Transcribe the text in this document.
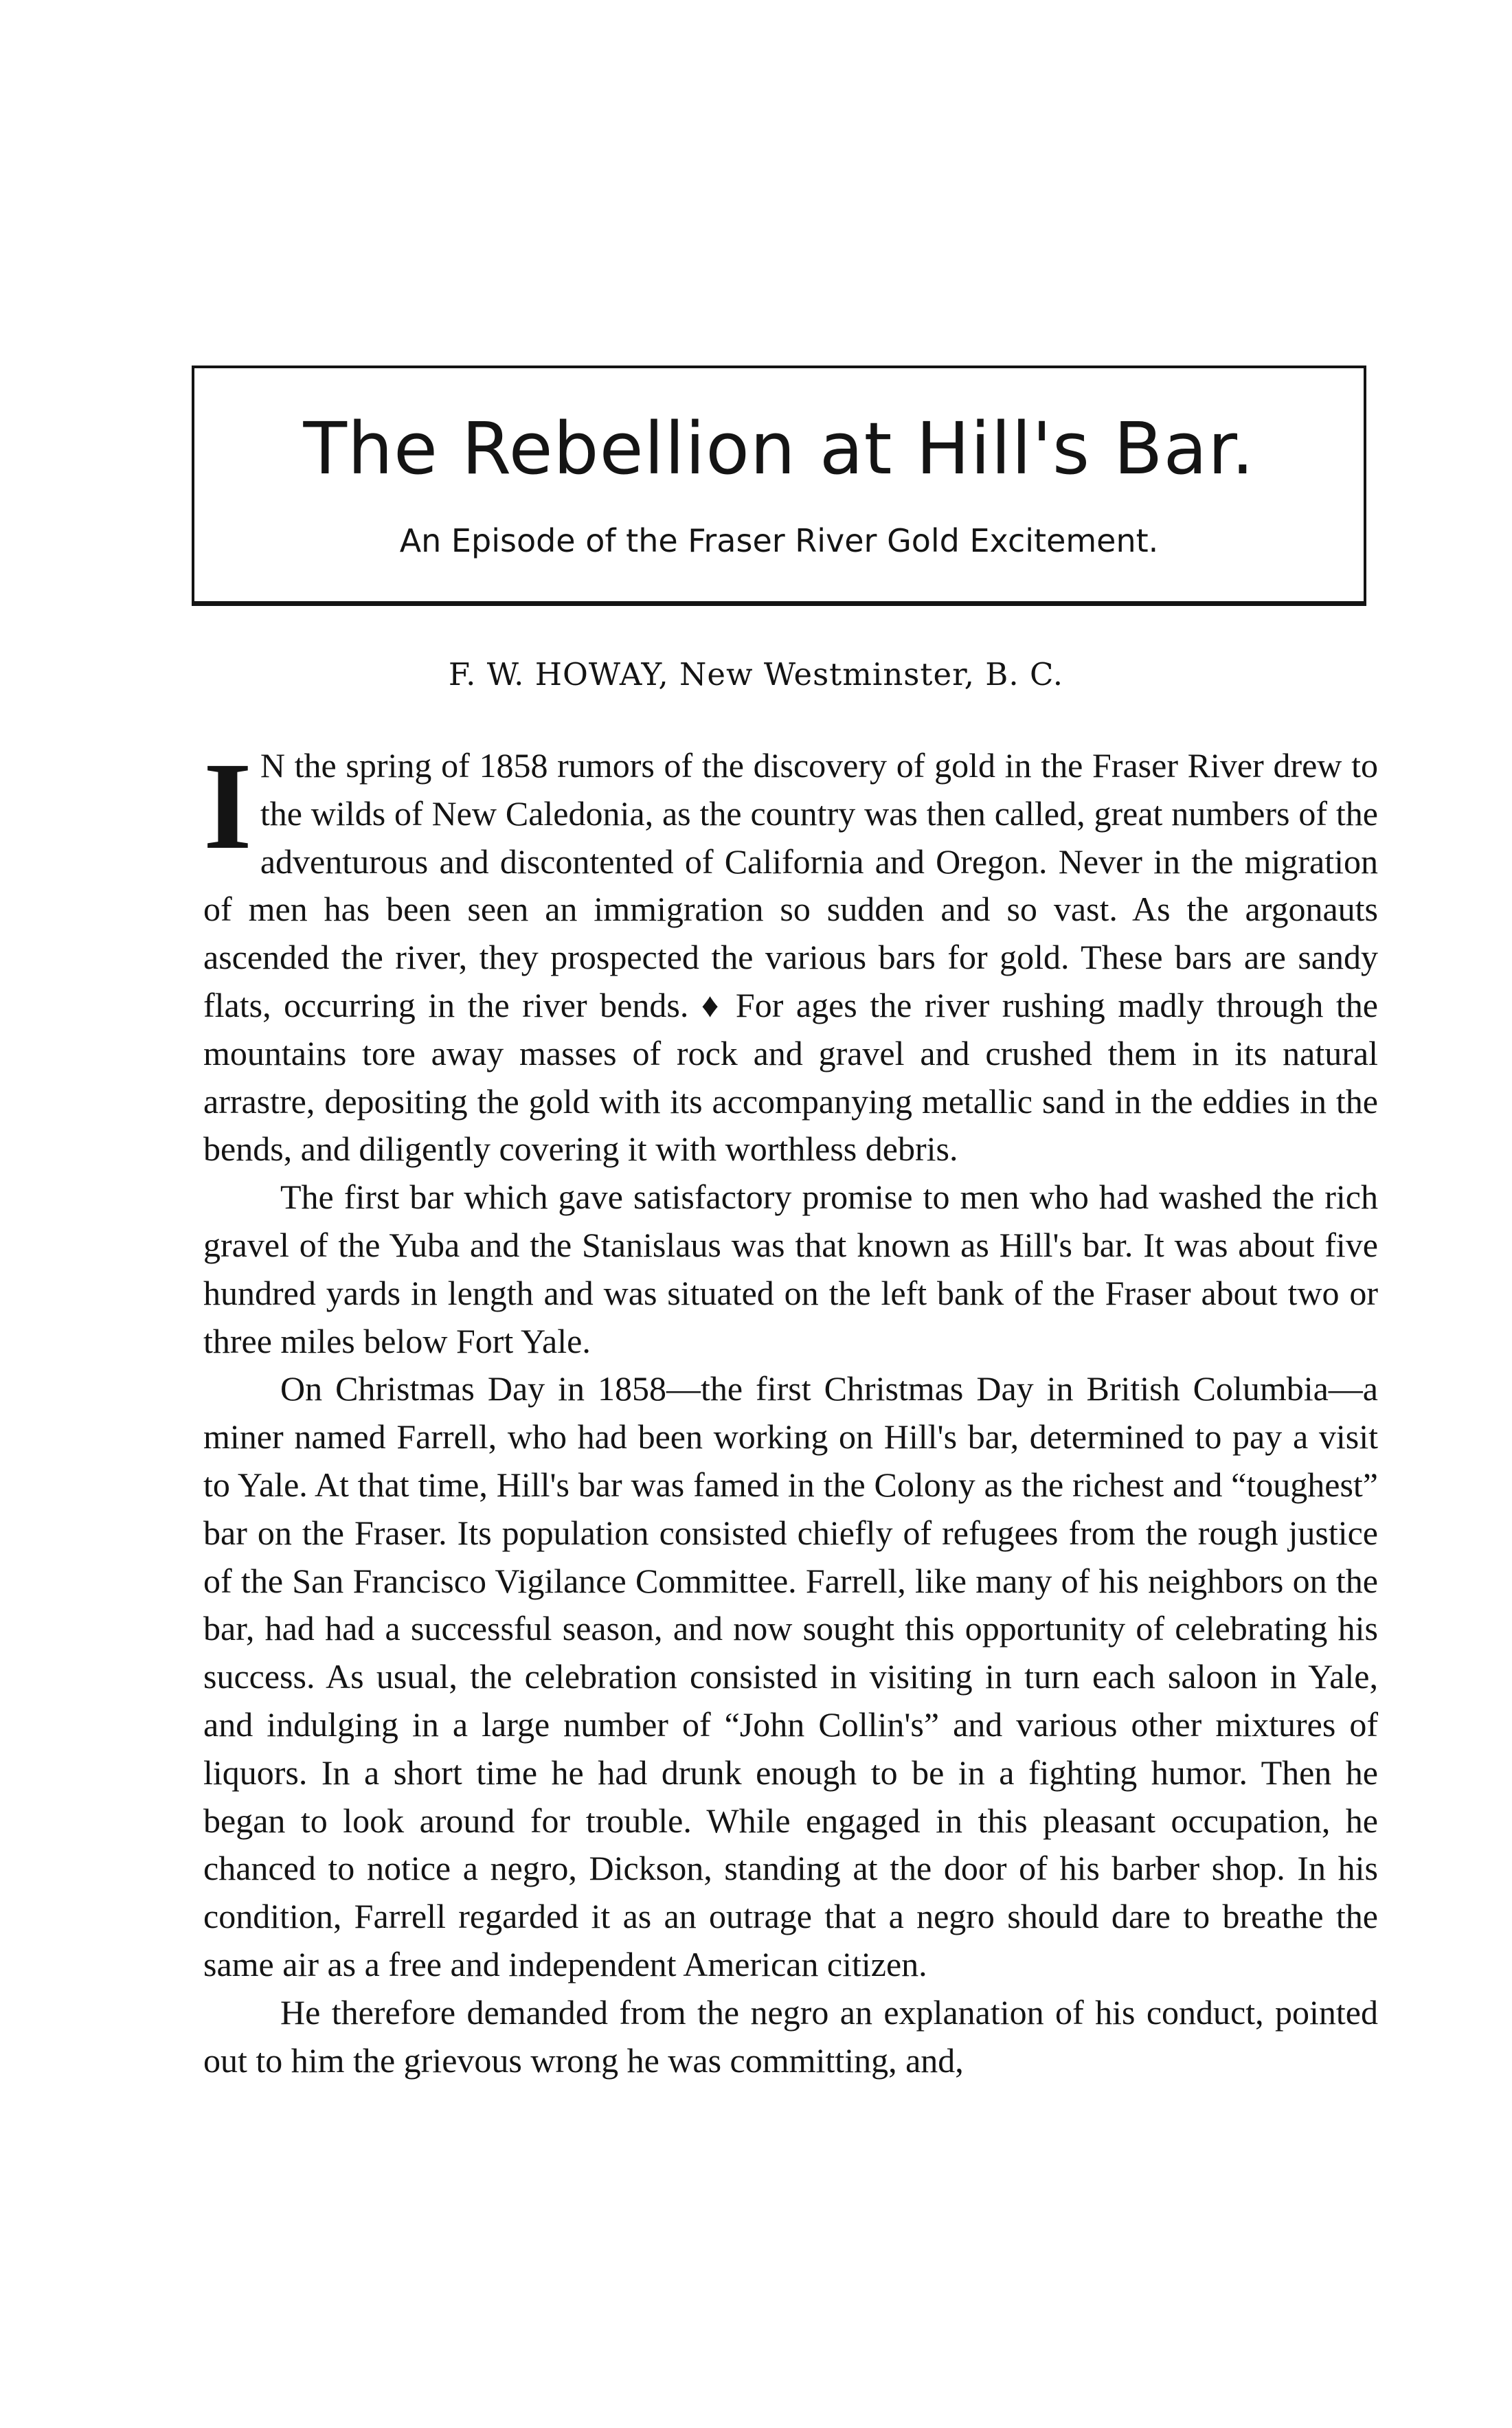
The Rebellion at Hill's Bar.

An Episode of the Fraser River Gold Excitement.

F. W. HOWAY, New Westminster, B. C.

I N the spring of 1858 rumors of the discovery of gold in the Fraser River drew to the wilds of New Caledonia, as the country was then called, great numbers of the adventurous and discontented of California and Oregon. Never in the migration of men has been seen an immigration so sudden and so vast. As the argonauts ascended the river, they prospected the various bars for gold. These bars are sandy flats, occurring in the river bends. ♦ For ages the river rushing madly through the mountains tore away masses of rock and gravel and crushed them in its natural arrastre, depositing the gold with its accompanying metallic sand in the eddies in the bends, and diligently covering it with worthless debris.

The first bar which gave satisfactory promise to men who had washed the rich gravel of the Yuba and the Stanislaus was that known as Hill's bar. It was about five hundred yards in length and was situated on the left bank of the Fraser about two or three miles below Fort Yale.

On Christmas Day in 1858—the first Christmas Day in British Columbia—a miner named Farrell, who had been working on Hill's bar, determined to pay a visit to Yale. At that time, Hill's bar was famed in the Colony as the richest and “toughest” bar on the Fraser. Its population consisted chiefly of refugees from the rough justice of the San Francisco Vigilance Committee. Farrell, like many of his neighbors on the bar, had had a successful season, and now sought this opportunity of celebrating his success. As usual, the celebration consisted in visiting in turn each saloon in Yale, and indulging in a large number of “John Collin's” and various other mixtures of liquors. In a short time he had drunk enough to be in a fighting humor. Then he began to look around for trouble. While engaged in this pleasant occupation, he chanced to notice a negro, Dickson, standing at the door of his barber shop. In his condition, Farrell regarded it as an outrage that a negro should dare to breathe the same air as a free and independent American citizen.

He therefore demanded from the negro an explanation of his conduct, pointed out to him the grievous wrong he was committing, and,
